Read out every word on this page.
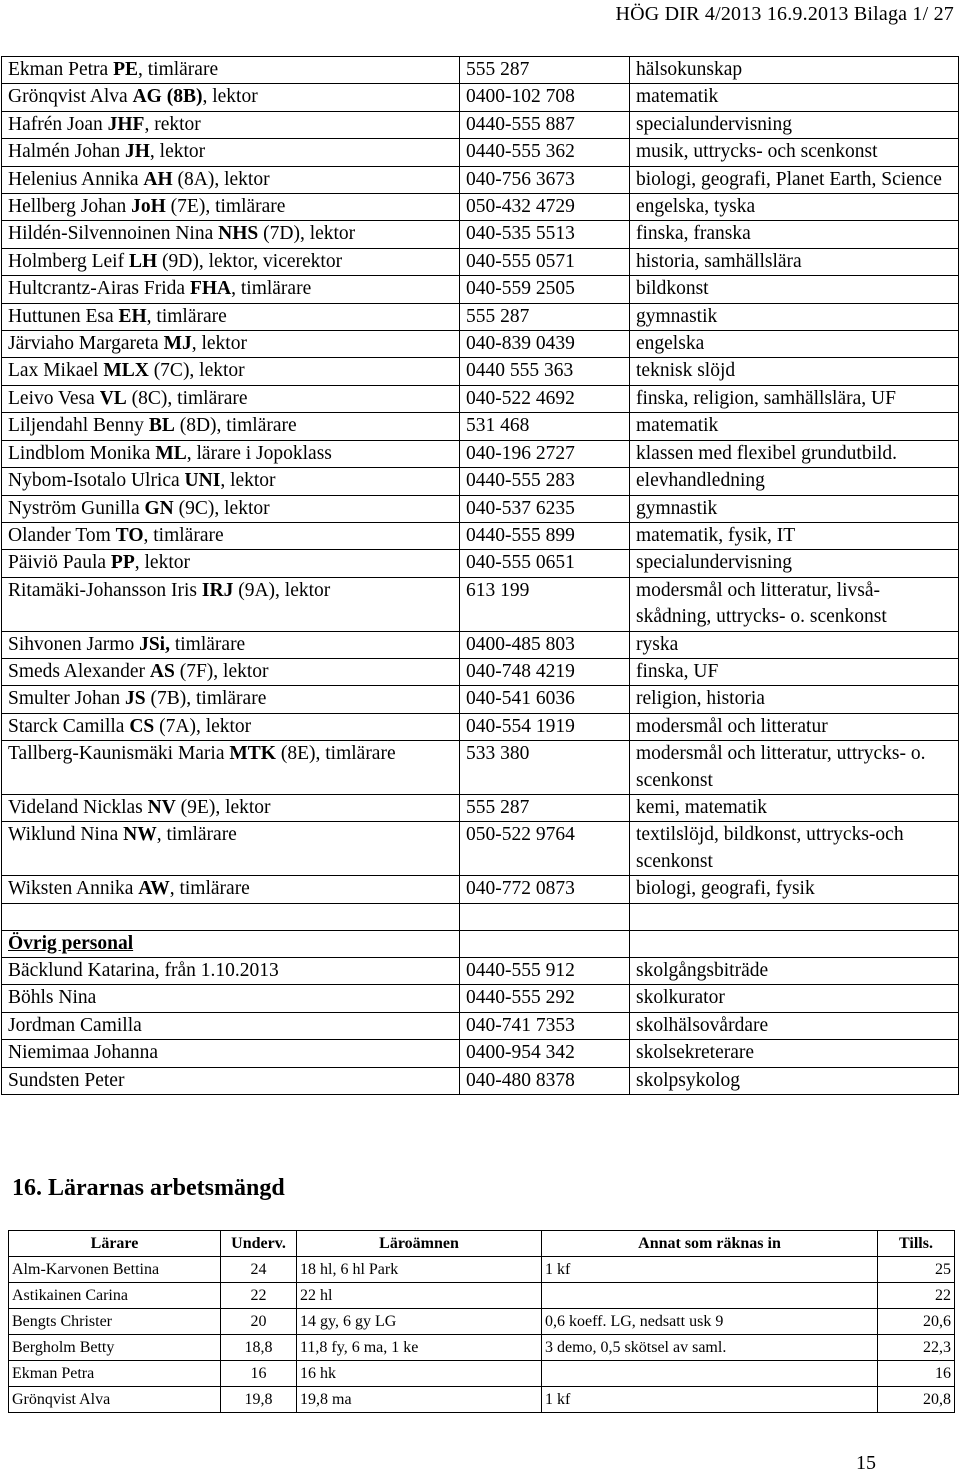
HÖG DIR 4/2013 16.9.2013 Bilaga 1/ 27
Ekman Petra PE, timlärare	555 287	hälsokunskap
Grönqvist Alva AG (8B), lektor	0400-102 708	matematik
Hafrén Joan JHF, rektor	0440-555 887	specialundervisning
Halmén Johan JH, lektor	0440-555 362	musik, uttrycks- och scenkonst
Helenius Annika AH (8A), lektor	040-756 3673	biologi, geografi, Planet Earth, Science
Hellberg Johan JoH (7E), timlärare	050-432 4729	engelska, tyska
Hildén-Silvennoinen Nina NHS (7D), lektor	040-535 5513	finska, franska
Holmberg Leif LH (9D), lektor, vicerektor	040-555 0571	historia, samhällslära
Hultcrantz-Airas Frida FHA, timlärare	040-559 2505	bildkonst
Huttunen Esa EH, timlärare	555 287	gymnastik
Järviaho Margareta MJ, lektor	040-839 0439	engelska
Lax Mikael MLX (7C), lektor	0440 555 363	teknisk slöjd
Leivo Vesa VL (8C), timlärare	040-522 4692	finska, religion, samhällslära, UF
Liljendahl Benny BL (8D), timlärare	531 468	matematik
Lindblom Monika ML, lärare i Jopoklass	040-196 2727	klassen med flexibel grundutbild.
Nybom-Isotalo Ulrica UNI, lektor	0440-555 283	elevhandledning
Nyström Gunilla GN (9C), lektor	040-537 6235	gymnastik
Olander Tom TO, timlärare	0440-555 899	matematik, fysik, IT
Päiviö Paula PP, lektor	040-555 0651	specialundervisning
Ritamäki-Johansson Iris IRJ (9A), lektor	613 199	modersmål och litteratur, livså-skådning, uttrycks- o. scenkonst
Sihvonen Jarmo JSi, timlärare	0400-485 803	ryska
Smeds Alexander AS (7F), lektor	040-748 4219	finska, UF
Smulter Johan JS (7B), timlärare	040-541 6036	religion, historia
Starck Camilla CS (7A), lektor	040-554 1919	modersmål och litteratur
Tallberg-Kaunismäki Maria MTK (8E), timlärare	533 380	modersmål och litteratur, uttrycks- o. scenkonst
Videland Nicklas NV (9E), lektor	555 287	kemi, matematik
Wiklund Nina NW, timlärare	050-522 9764	textilslöjd, bildkonst, uttrycks-och scenkonst
Wiksten Annika AW, timlärare	040-772 0873	biologi, geografi, fysik

Övrig personal		
Bäcklund Katarina, från 1.10.2013	0440-555 912	skolgångsbiträde
Böhls Nina	0440-555 292	skolkurator
Jordman Camilla	040-741 7353	skolhälsovårdare
Niemimaa Johanna	0400-954 342	skolsekreterare
Sundsten Peter	040-480 8378	skolpsykolog
16. Lärarnas arbetsmängd
Lärare	Underv.	Läroämnen	Annat som räknas in	Tills.
Alm-Karvonen Bettina	24	18 hl, 6 hl Park	1 kf	25
Astikainen Carina	22	22 hl		22
Bengts Christer	20	14 gy, 6 gy LG	0,6 koeff. LG, nedsatt usk 9	20,6
Bergholm Betty	18,8	11,8 fy, 6 ma, 1 ke	3 demo, 0,5 skötsel av saml.	22,3
Ekman Petra	16	16 hk		16
Grönqvist Alva	19,8	19,8 ma	1 kf	20,8
15
